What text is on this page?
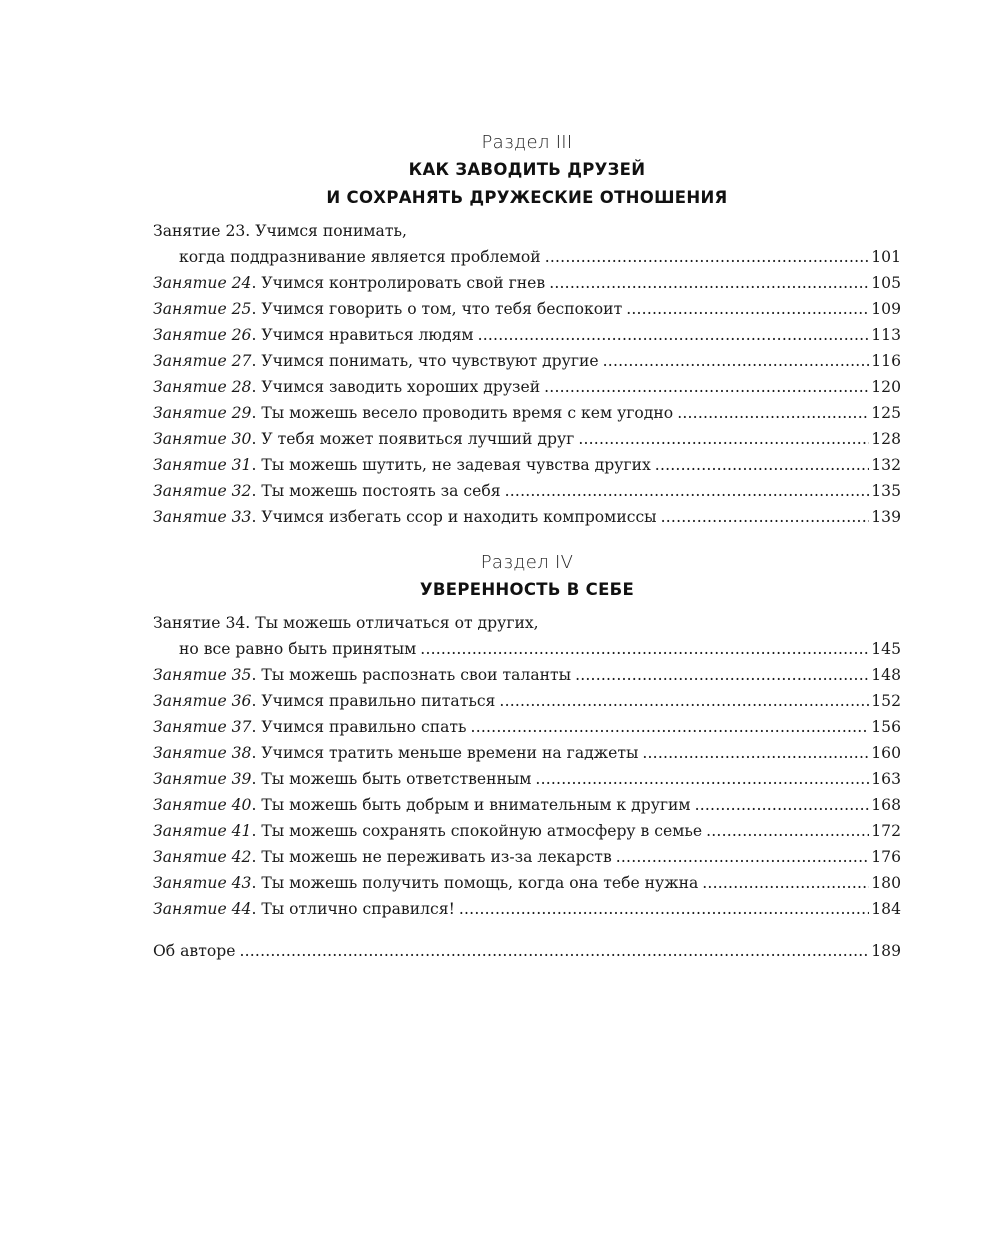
Раздел III
КАК ЗАВОДИТЬ ДРУЗЕЙ
И СОХРАНЯТЬ ДРУЖЕСКИЕ ОТНОШЕНИЯ
Занятие 23. Учимся понимать,
когда поддразнивание является проблемой .....	101
Занятие 24 . Учимся контролировать свой гнев .....	105
Занятие 25 . Учимся говорить о том, что тебя беспокоит .....	109
Занятие 26 . Учимся нравиться людям .....	113
Занятие 27 . Учимся понимать, что чувствуют другие .....	116
Занятие 28 . Учимся заводить хороших друзей .....	120
Занятие 29 . Ты можешь весело проводить время с кем угодно .....	125
Занятие 30 . У тебя может появиться лучший друг .....	128
Занятие 31 . Ты можешь шутить, не задевая чувства других .....	132
Занятие 32 . Ты можешь постоять за себя .....	135
Занятие 33 . Учимся избегать ссор и находить компромиссы .....	139
Раздел IV
УВЕРЕННОСТЬ В СЕБЕ
Занятие 34. Ты можешь отличаться от других,
но все равно быть принятым .....	145
Занятие 35 . Ты можешь распознать свои таланты .....	148
Занятие 36 . Учимся правильно питаться .....	152
Занятие 37 . Учимся правильно спать .....	156
Занятие 38 . Учимся тратить меньше времени на гаджеты .....	160
Занятие 39 . Ты можешь быть ответственным .....	163
Занятие 40 . Ты можешь быть добрым и внимательным к другим .....	168
Занятие 41 . Ты можешь сохранять спокойную атмосферу в семье .....	172
Занятие 42 . Ты можешь не переживать из-за лекарств .....	176
Занятие 43 . Ты можешь получить помощь, когда она тебе нужна .....	180
Занятие 44 . Ты отлично справился! .....	184
Об авторе .....	189
